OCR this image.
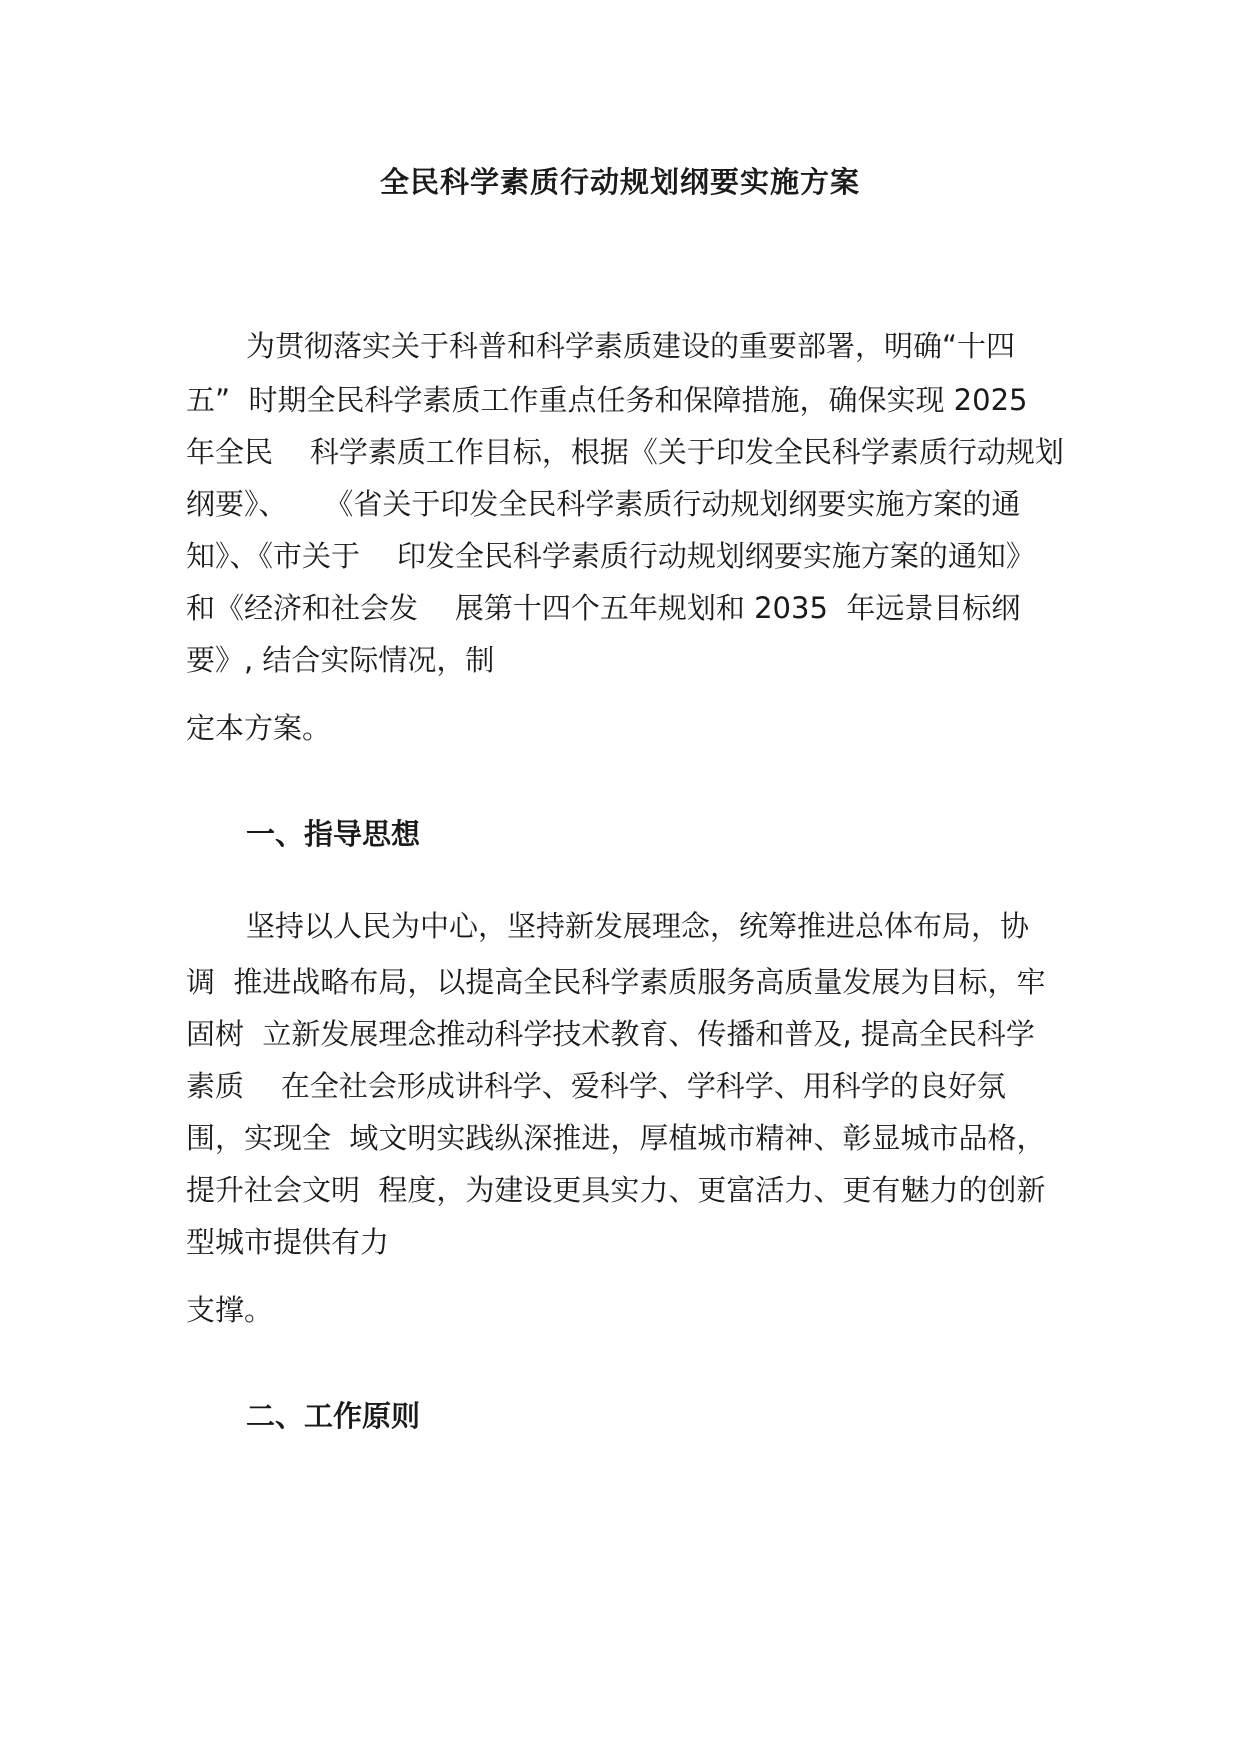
全民科学素质行动规划纲要实施方案

为贯彻落实关于科普和科学素质建设的重要部署，明确“十四

五”  时期全民科学素质工作重点任务和保障措施，确保实现 2025

年全民    科学素质工作目标，根据《关于印发全民科学素质行动规划

纲要》、    《省关于印发全民科学素质行动规划纲要实施方案的通

知》、《市关于    印发全民科学素质行动规划纲要实施方案的通知》

和《经济和社会发    展第十四个五年规划和 2035  年远景目标纲

要》, 结合实际情况，制

定本方案。

一、指导思想

坚持以人民为中心，坚持新发展理念，统筹推进总体布局，协

调  推进战略布局，以提高全民科学素质服务高质量发展为目标，牢

固树  立新发展理念推动科学技术教育、传播和普及, 提高全民科学

素质    在全社会形成讲科学、爱科学、学科学、用科学的良好氛

围，实现全  域文明实践纵深推进，厚植城市精神、彰显城市品格，

提升社会文明  程度，为建设更具实力、更富活力、更有魅力的创新

型城市提供有力

支撑。

二、工作原则
